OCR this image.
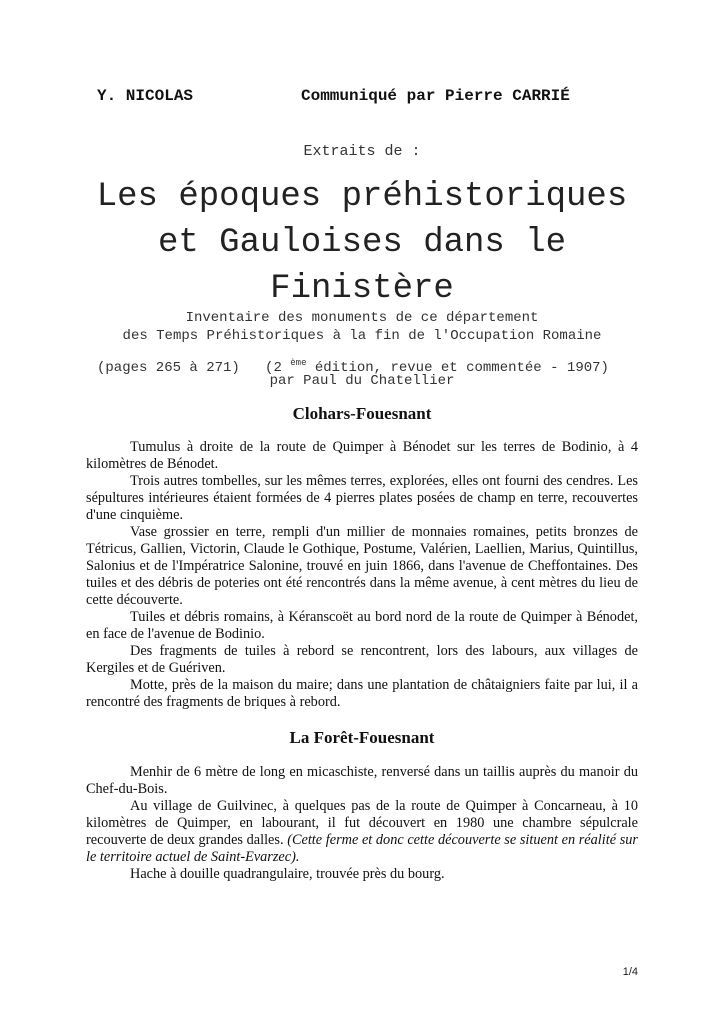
Y. NICOLAS	Communiqué par Pierre CARRIÉ
Extraits de :
Les époques préhistoriques
et Gauloises dans le
Finistère
Inventaire des monuments de ce département
des Temps Préhistoriques à la fin de l'Occupation Romaine
(pages 265 à 271) (2 $^{ème}$ édition, revue et commentée - 1907)
par Paul du Chatellier
Clohars-Fouesnant

Tumulus à droite de la route de Quimper à Bénodet sur les terres de Bodinio, à 4 kilomètres de Bénodet.

Trois autres tombelles, sur les mêmes terres, explorées, elles ont fourni des cendres. Les sépultures intérieures étaient formées de 4 pierres plates posées de champ en terre, recouvertes d'une cinquième.

Vase grossier en terre, rempli d'un millier de monnaies romaines, petits bronzes de Tétricus, Gallien, Victorin, Claude le Gothique, Postume, Valérien, Laellien, Marius, Quintillus, Salonius et de l'Impératrice Salonine, trouvé en juin 1866, dans l'avenue de Cheffontaines. Des tuiles et des débris de poteries ont été rencontrés dans la même avenue, à cent mètres du lieu de cette découverte.

Tuiles et débris romains, à Kéranscoët au bord nord de la route de Quimper à Bénodet, en face de l'avenue de Bodinio.

Des fragments de tuiles à rebord se rencontrent, lors des labours, aux villages de Kergiles et de Guériven.

Motte, près de la maison du maire; dans une plantation de châtaigniers faite par lui, il a rencontré des fragments de briques à rebord.

La Forêt-Fouesnant

Menhir de 6 mètre de long en micaschiste, renversé dans un taillis auprès du manoir du Chef-du-Bois.

Au village de Guilvinec, à quelques pas de la route de Quimper à Concarneau, à 10 kilomètres de Quimper, en labourant, il fut découvert en 1980 une chambre sépulcrale recouverte de deux grandes dalles. (Cette ferme et donc cette découverte se situent en réalité sur le territoire actuel de Saint-Evarzec).

Hache à douille quadrangulaire, trouvée près du bourg.

1/4
